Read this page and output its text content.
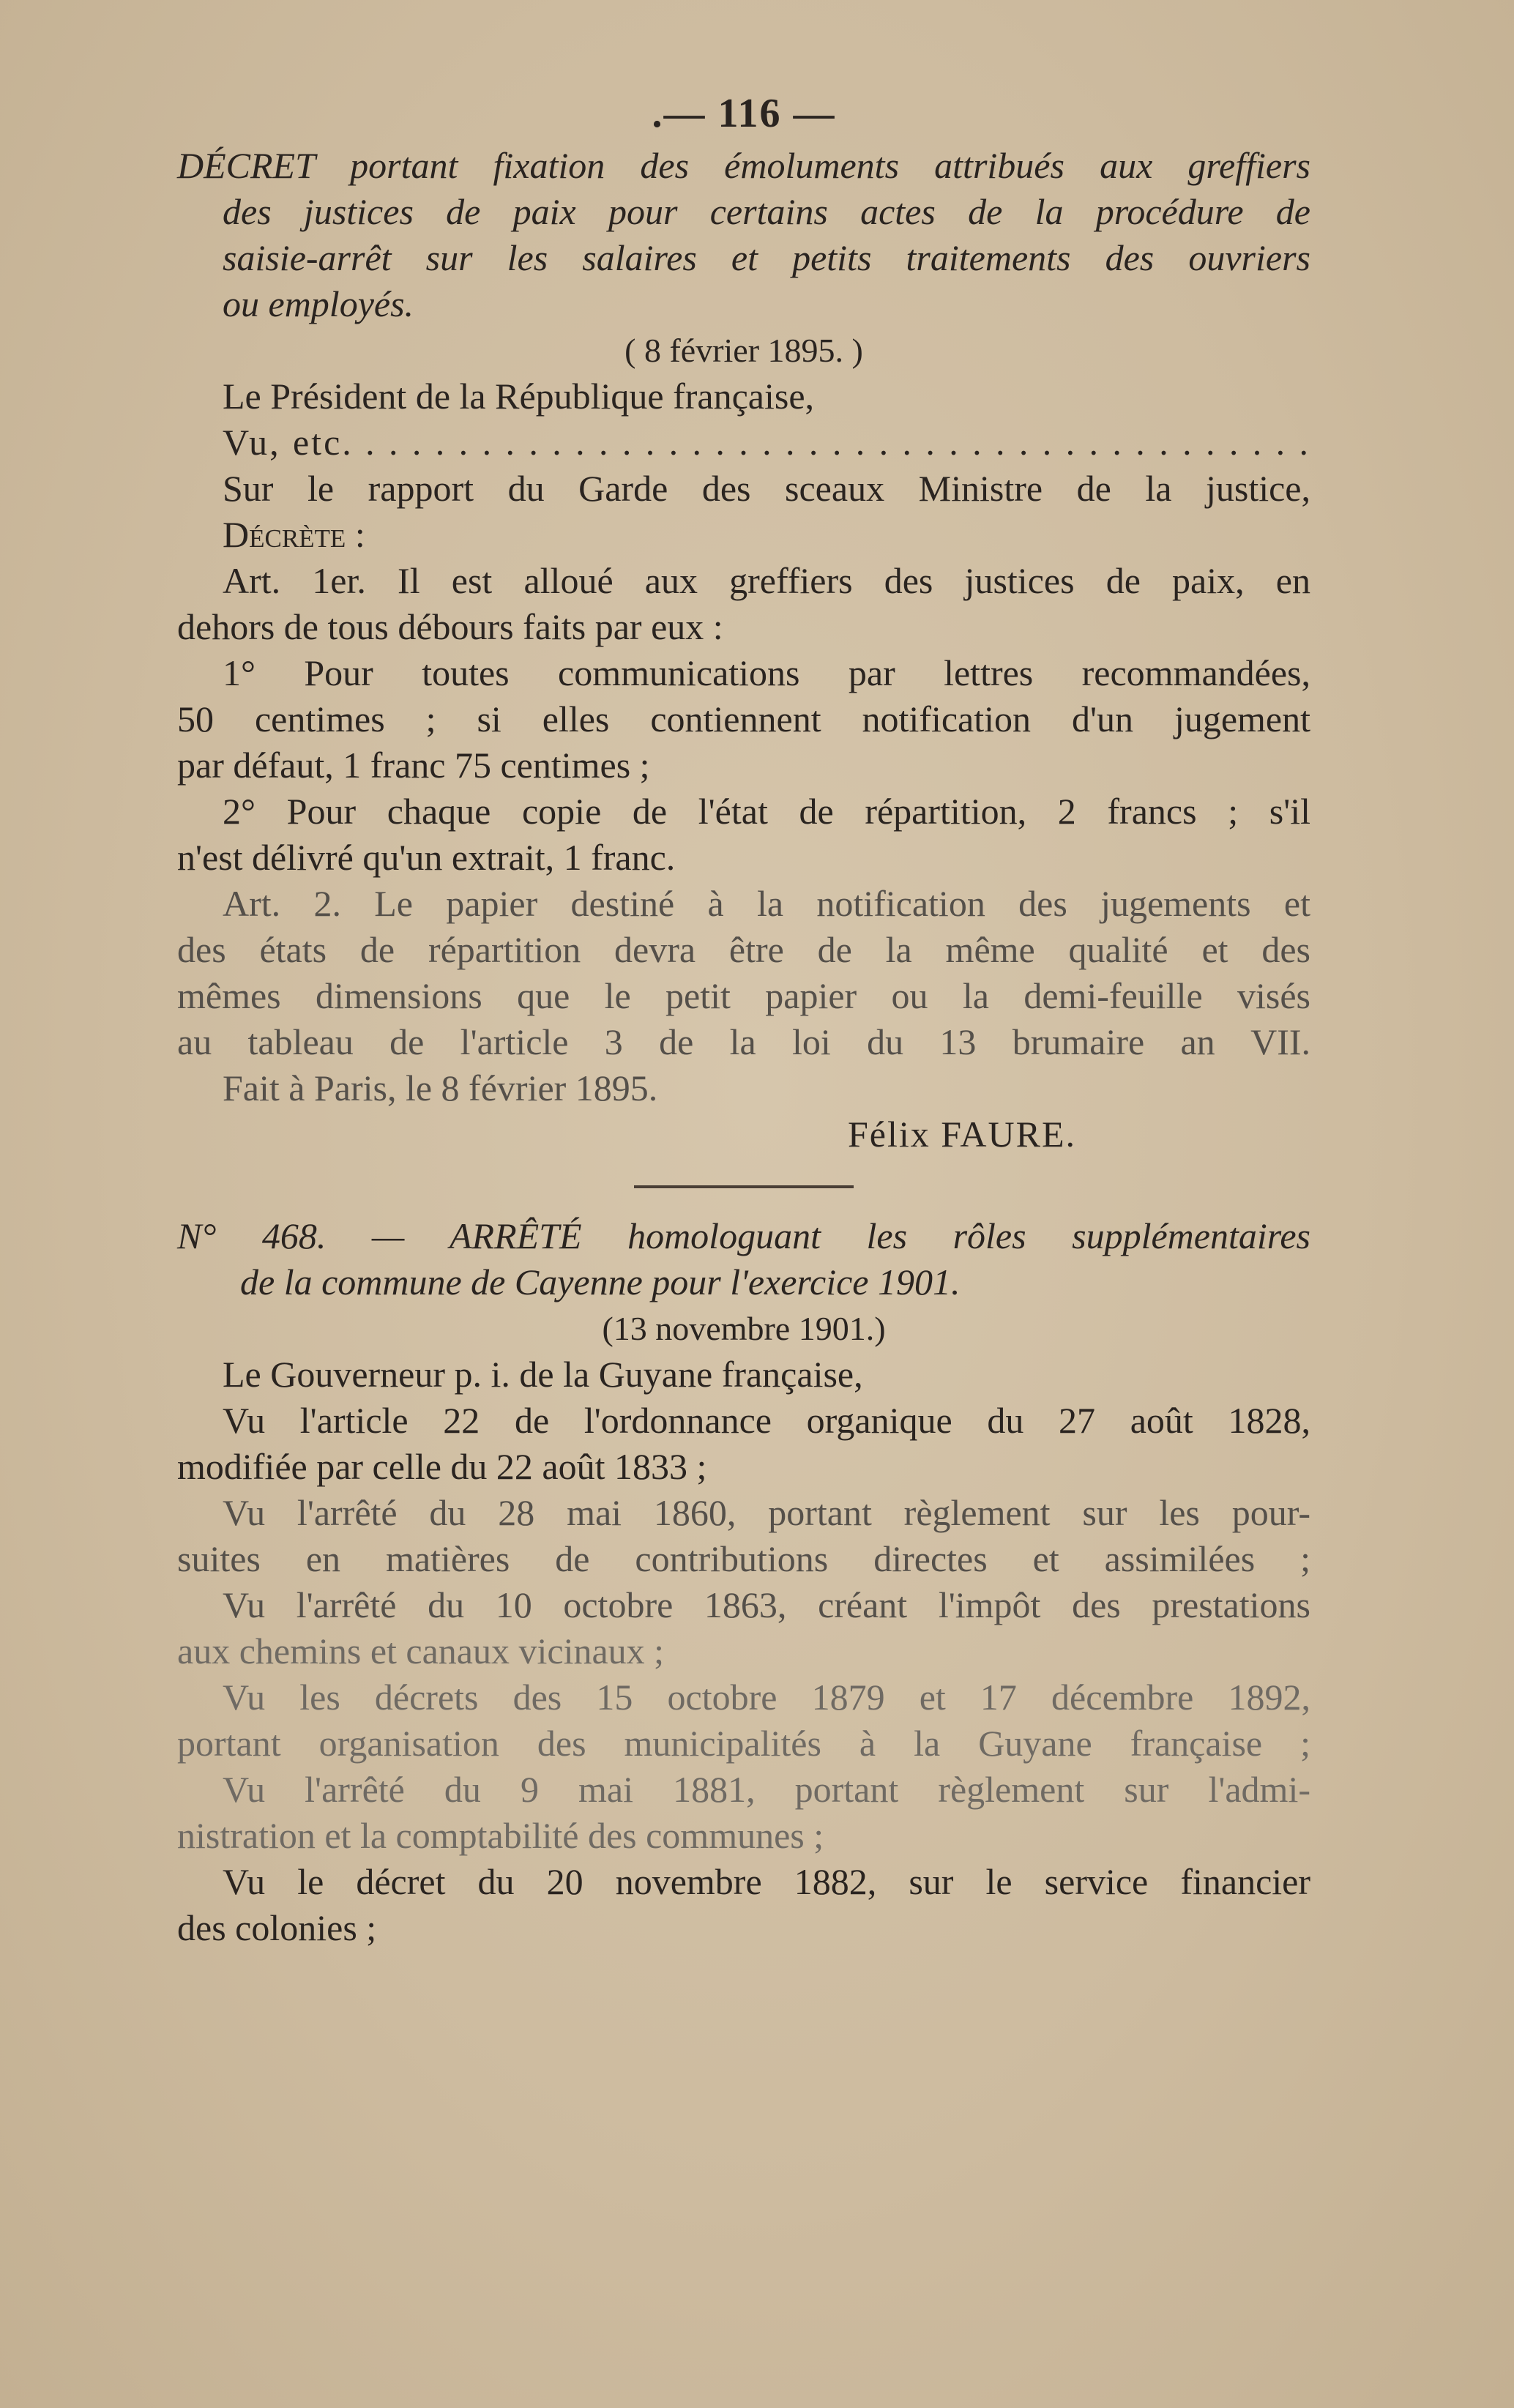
.— 116 —
DÉCRET portant fixation des émoluments attribués aux greffiers
des justices de paix pour certains actes de la procédure de
saisie-arrêt sur les salaires et petits traitements des ouvriers
ou employés.
( 8 février 1895. )
Le Président de la République française,
Vu, etc. . . . . . . . . . . . . . . . . . . . . . . . . . . . . . . . . . . . . . . . . .
Sur le rapport du Garde des sceaux Ministre de la justice,
Décrète :
Art. 1er. Il est alloué aux greffiers des justices de paix, en
dehors de tous débours faits par eux :
1° Pour toutes communications par lettres recommandées,
50 centimes ; si elles contiennent notification d'un jugement
par défaut, 1 franc 75 centimes ;
2° Pour chaque copie de l'état de répartition, 2 francs ; s'il
n'est délivré qu'un extrait, 1 franc.
Art. 2. Le papier destiné à la notification des jugements et
des états de répartition devra être de la même qualité et des
mêmes dimensions que le petit papier ou la demi-feuille visés
au tableau de l'article 3 de la loi du 13 brumaire an VII.
Fait à Paris, le 8 février 1895.
Félix FAURE.
N° 468. — ARRÊTÉ homologuant les rôles supplémentaires
de la commune de Cayenne pour l'exercice 1901.
(13 novembre 1901.)
Le Gouverneur p. i. de la Guyane française,
Vu l'article 22 de l'ordonnance organique du 27 août 1828,
modifiée par celle du 22 août 1833 ;
Vu l'arrêté du 28 mai 1860, portant règlement sur les pour-
suites en matières de contributions directes et assimilées ;
Vu l'arrêté du 10 octobre 1863, créant l'impôt des prestations
aux chemins et canaux vicinaux ;
Vu les décrets des 15 octobre 1879 et 17 décembre 1892,
portant organisation des municipalités à la Guyane française ;
Vu l'arrêté du 9 mai 1881, portant règlement sur l'admi-
nistration et la comptabilité des communes ;
Vu le décret du 20 novembre 1882, sur le service financier
des colonies ;
